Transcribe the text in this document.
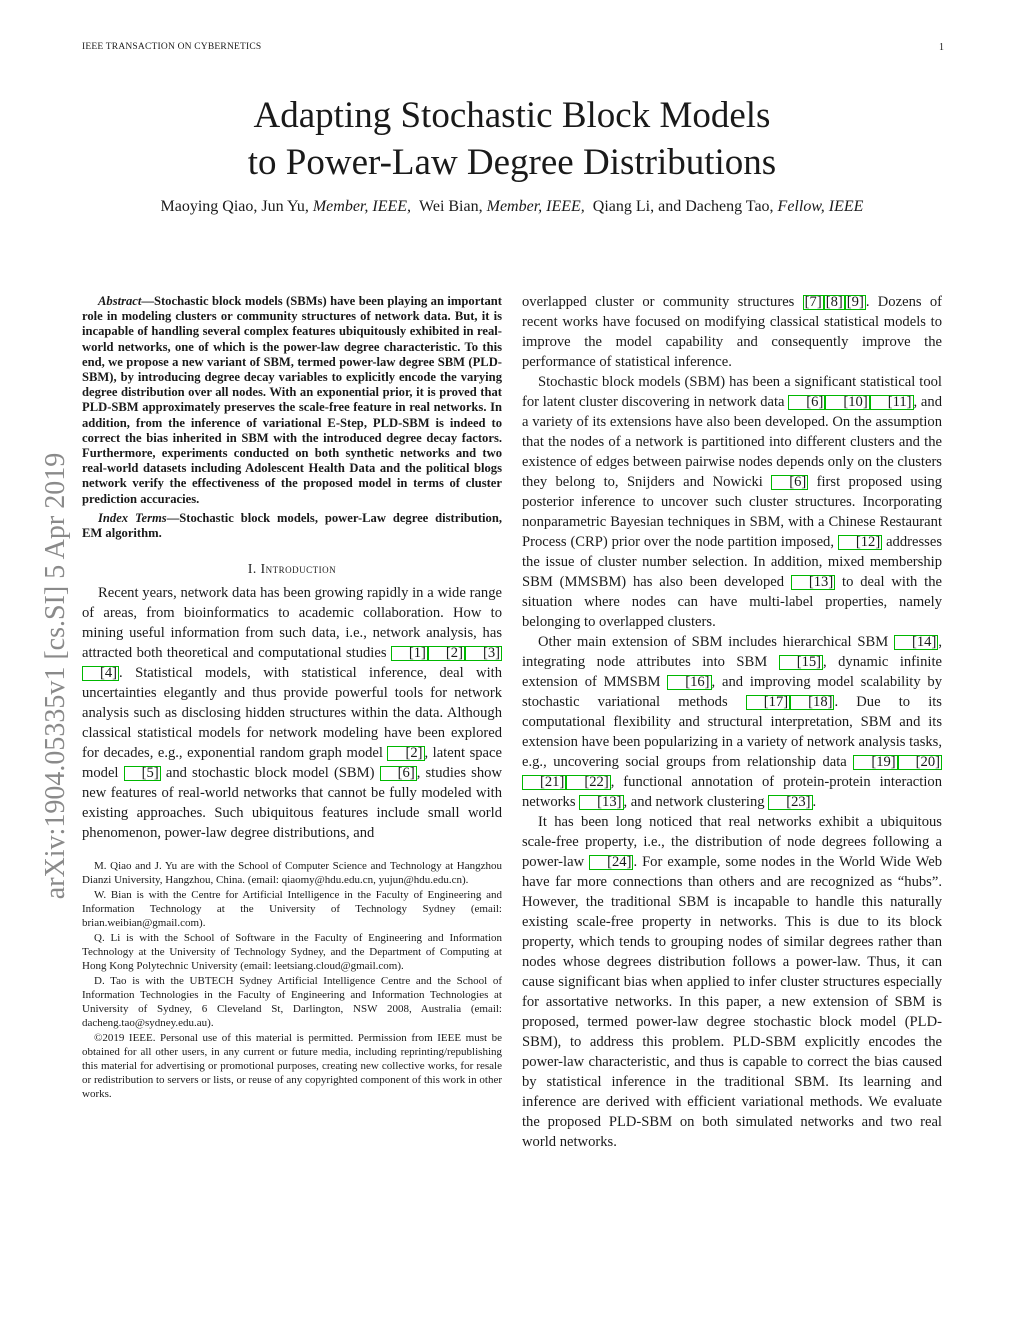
IEEE TRANSACTION ON CYBERNETICS	1
Adapting Stochastic Block Models
to Power-Law Degree Distributions
Maoying Qiao, Jun Yu, Member, IEEE, Wei Bian, Member, IEEE, Qiang Li, and Dacheng Tao, Fellow, IEEE
arXiv:1904.05335v1 [cs.SI] 5 Apr 2019
Abstract—Stochastic block models (SBMs) have been playing an important role in modeling clusters or community structures of network data. But, it is incapable of handling several complex features ubiquitously exhibited in real-world networks, one of which is the power-law degree characteristic. To this end, we propose a new variant of SBM, termed power-law degree SBM (PLD-SBM), by introducing degree decay variables to explicitly encode the varying degree distribution over all nodes. With an exponential prior, it is proved that PLD-SBM approximately preserves the scale-free feature in real networks. In addition, from the inference of variational E-Step, PLD-SBM is indeed to correct the bias inherited in SBM with the introduced degree decay factors. Furthermore, experiments conducted on both synthetic networks and two real-world datasets including Adolescent Health Data and the political blogs network verify the effectiveness of the proposed model in terms of cluster prediction accuracies.
Index Terms—Stochastic block models, power-Law degree distribution, EM algorithm.
I. Introduction

Recent years, network data has been growing rapidly in a wide range of areas, from bioinformatics to academic collaboration. How to mining useful information from such data, i.e., network analysis, has attracted both theoretical and computational studies [1] [2] [3][4] . Statistical models, with statistical inference, deal with uncertainties elegantly and thus provide powerful tools for network analysis such as disclosing hidden structures within the data. Although classical statistical models for network modeling have been explored for decades, e.g., exponential random graph model [2] , latent space model [5] and stochastic block model (SBM) [6] , studies show new features of real-world networks that cannot be fully modeled with existing approaches. Such ubiquitous features include small world phenomenon, power-law degree distributions, and

M. Qiao and J. Yu are with the School of Computer Science and Technology at Hangzhou Dianzi University, Hangzhou, China. (email: qiaomy@hdu.edu.cn, yujun@hdu.edu.cn).

W. Bian is with the Centre for Artificial Intelligence in the Faculty of Engineering and Information Technology at the University of Technology Sydney (email: brian.weibian@gmail.com).

Q. Li is with the School of Software in the Faculty of Engineering and Information Technology at the University of Technology Sydney, and the Department of Computing at Hong Kong Polytechnic University (email: leetsiang.cloud@gmail.com).

D. Tao is with the UBTECH Sydney Artificial Intelligence Centre and the School of Information Technologies in the Faculty of Engineering and Information Technologies at University of Sydney, 6 Cleveland St, Darlington, NSW 2008, Australia (email: dacheng.tao@sydney.edu.au).

©2019 IEEE. Personal use of this material is permitted. Permission from IEEE must be obtained for all other users, in any current or future media, including reprinting/republishing this material for advertising or promotional purposes, creating new collective works, for resale or redistribution to servers or lists, or reuse of any copyrighted component of this work in other works.

overlapped cluster or community structures [7] [8] [9] . Dozens of recent works have focused on modifying classical statistical models to improve the model capability and consequently improve the performance of statistical inference.

Stochastic block models (SBM) has been a significant statistical tool for latent cluster discovering in network data [6] [10] [11] , and a variety of its extensions have also been developed. On the assumption that the nodes of a network is partitioned into different clusters and the existence of edges between pairwise nodes depends only on the clusters they belong to, Snijders and Nowicki [6] first proposed using posterior inference to uncover such cluster structures. Incorporating nonparametric Bayesian techniques in SBM, with a Chinese Restaurant Process (CRP) prior over the node partition imposed, [12] addresses the issue of cluster number selection. In addition, mixed membership SBM (MMSBM) has also been developed [13] to deal with the situation where nodes can have multi-label properties, namely belonging to overlapped clusters.

Other main extension of SBM includes hierarchical SBM [14] , integrating node attributes into SBM [15] , dynamic infinite extension of MMSBM [16] , and improving model scalability by stochastic variational methods [17] [18] . Due to its computational flexibility and structural interpretation, SBM and its extension have been popularizing in a variety of network analysis tasks, e.g., uncovering social groups from relationship data [19] [20][21] [22] , functional annotation of protein-protein interaction networks [13] , and network clustering [23] .

It has been long noticed that real networks exhibit a ubiquitous scale-free property, i.e., the distribution of node degrees following a power-law [24] . For example, some nodes in the World Wide Web have far more connections than others and are recognized as “hubs”. However, the traditional SBM is incapable to handle this naturally existing scale-free property in networks. This is due to its block property, which tends to grouping nodes of similar degrees rather than nodes whose degrees distribution follows a power-law. Thus, it can cause significant bias when applied to infer cluster structures especially for assortative networks. In this paper, a new extension of SBM is proposed, termed power-law degree stochastic block model (PLD-SBM), to address this problem. PLD-SBM explicitly encodes the power-law characteristic, and thus is capable to correct the bias caused by statistical inference in the traditional SBM. Its learning and inference are derived with efficient variational methods. We evaluate the proposed PLD-SBM on both simulated networks and two real world networks.
